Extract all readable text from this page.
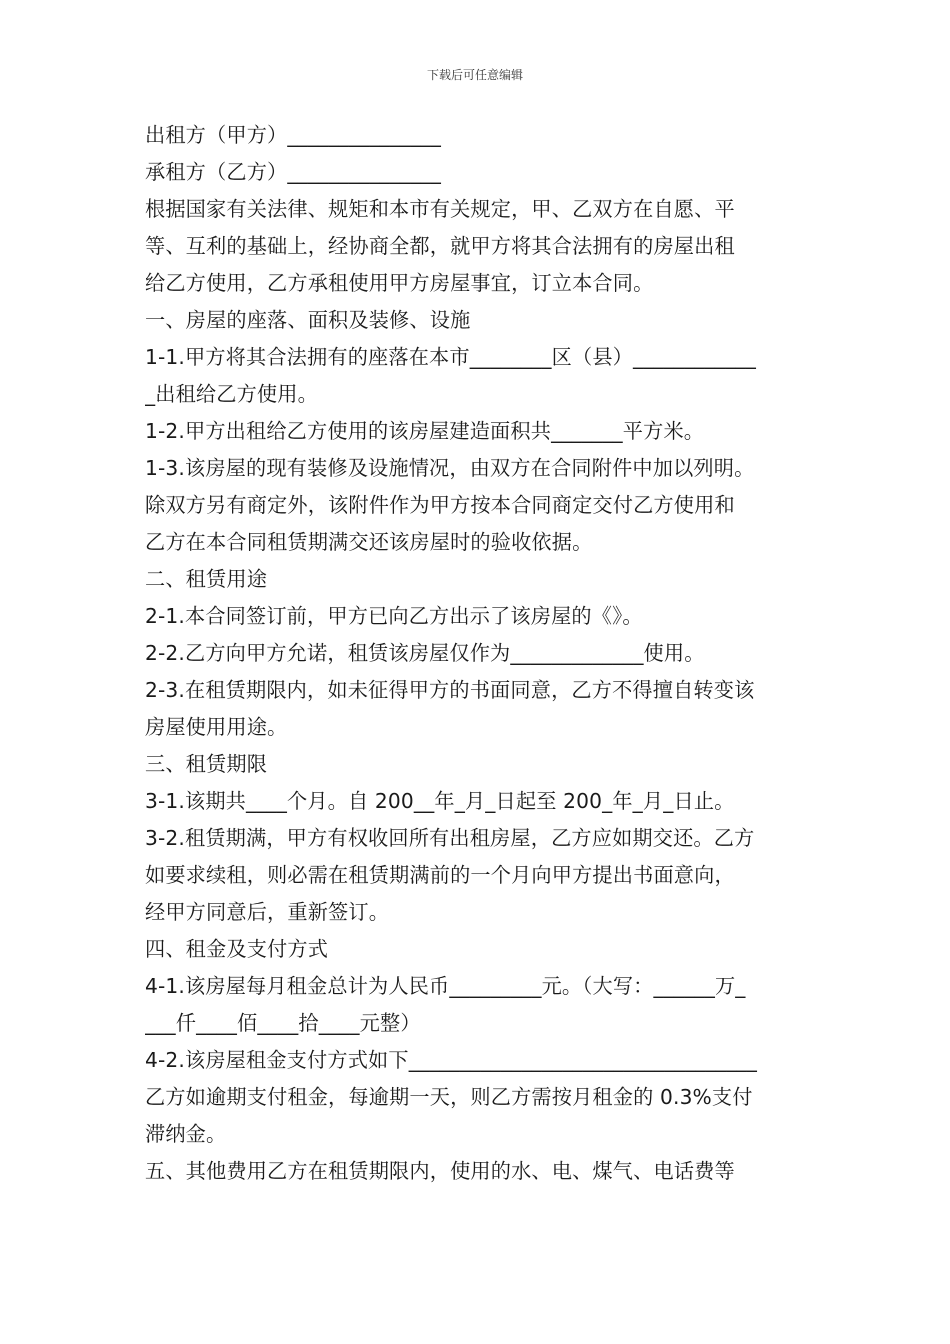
下载后可任意编辑
出租方（甲方）_______________
承租方（乙方）_______________
根据国家有关法律、规矩和本市有关规定，甲、乙双方在自愿、平
等、互利的基础上，经协商全都，就甲方将其合法拥有的房屋出租
给乙方使用，乙方承租使用甲方房屋事宜，订立本合同。
一、房屋的座落、面积及装修、设施
1-1.甲方将其合法拥有的座落在本市________区（县）____________
_出租给乙方使用。
1-2.甲方出租给乙方使用的该房屋建造面积共_______平方米。
1-3.该房屋的现有装修及设施情况，由双方在合同附件中加以列明。
除双方另有商定外，该附件作为甲方按本合同商定交付乙方使用和
乙方在本合同租赁期满交还该房屋时的验收依据。
二、租赁用途
2-1.本合同签订前，甲方已向乙方出示了该房屋的《》。
2-2.乙方向甲方允诺，租赁该房屋仅作为_____________使用。
2-3.在租赁期限内，如未征得甲方的书面同意，乙方不得擅自转变该
房屋使用用途。
三、租赁期限
3-1.该期共____个月。自 200__年_月_日起至 200_年_月_日止。
3-2.租赁期满，甲方有权收回所有出租房屋，乙方应如期交还。乙方
如要求续租，则必需在租赁期满前的一个月向甲方提出书面意向，
经甲方同意后，重新签订。
四、租金及支付方式
4-1.该房屋每月租金总计为人民币_________元。（大写：______万_
___仟____佰____拾____元整）
4-2.该房屋租金支付方式如下__________________________________
乙方如逾期支付租金，每逾期一天，则乙方需按月租金的 0.3%支付
滞纳金。
五、其他费用乙方在租赁期限内，使用的水、电、煤气、电话费等
